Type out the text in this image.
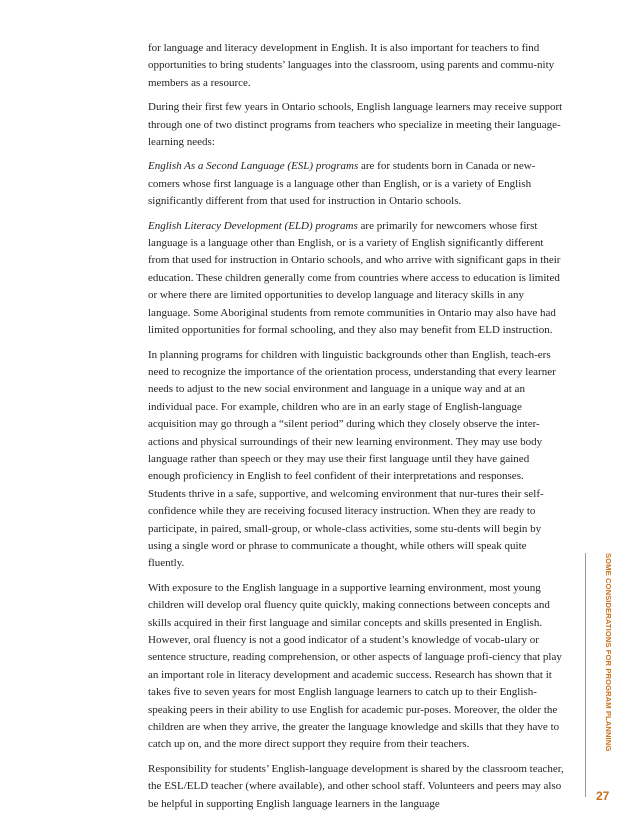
for language and literacy development in English. It is also important for teachers to find opportunities to bring students’ languages into the classroom, using parents and commu-nity members as a resource.

During their first few years in Ontario schools, English language learners may receive support through one of two distinct programs from teachers who specialize in meeting their language-learning needs:

English As a Second Language (ESL) programs are for students born in Canada or new-comers whose first language is a language other than English, or is a variety of English significantly different from that used for instruction in Ontario schools.

English Literacy Development (ELD) programs are primarily for newcomers whose first language is a language other than English, or is a variety of English significantly different from that used for instruction in Ontario schools, and who arrive with significant gaps in their education. These children generally come from countries where access to education is limited or where there are limited opportunities to develop language and literacy skills in any language. Some Aboriginal students from remote communities in Ontario may also have had limited opportunities for formal schooling, and they also may benefit from ELD instruction.

In planning programs for children with linguistic backgrounds other than English, teach-ers need to recognize the importance of the orientation process, understanding that every learner needs to adjust to the new social environment and language in a unique way and at an individual pace. For example, children who are in an early stage of English-language acquisition may go through a “silent period” during which they closely observe the inter-actions and physical surroundings of their new learning environment. They may use body language rather than speech or they may use their first language until they have gained enough proficiency in English to feel confident of their interpretations and responses. Students thrive in a safe, supportive, and welcoming environment that nur-tures their self-confidence while they are receiving focused literacy instruction. When they are ready to participate, in paired, small-group, or whole-class activities, some stu-dents will begin by using a single word or phrase to communicate a thought, while others will speak quite fluently.

With exposure to the English language in a supportive learning environment, most young children will develop oral fluency quite quickly, making connections between concepts and skills acquired in their first language and similar concepts and skills presented in English. However, oral fluency is not a good indicator of a student’s knowledge of vocab-ulary or sentence structure, reading comprehension, or other aspects of language profi-ciency that play an important role in literacy development and academic success. Research has shown that it takes five to seven years for most English language learners to catch up to their English-speaking peers in their ability to use English for academic pur-poses. Moreover, the older the children are when they arrive, the greater the language knowledge and skills that they have to catch up on, and the more direct support they require from their teachers.

Responsibility for students’ English-language development is shared by the classroom teacher, the ESL/ELD teacher (where available), and other school staff. Volunteers and peers may also be helpful in supporting English language learners in the language

SOME CONSIDERATIONS FOR PROGRAM PLANNING
27
